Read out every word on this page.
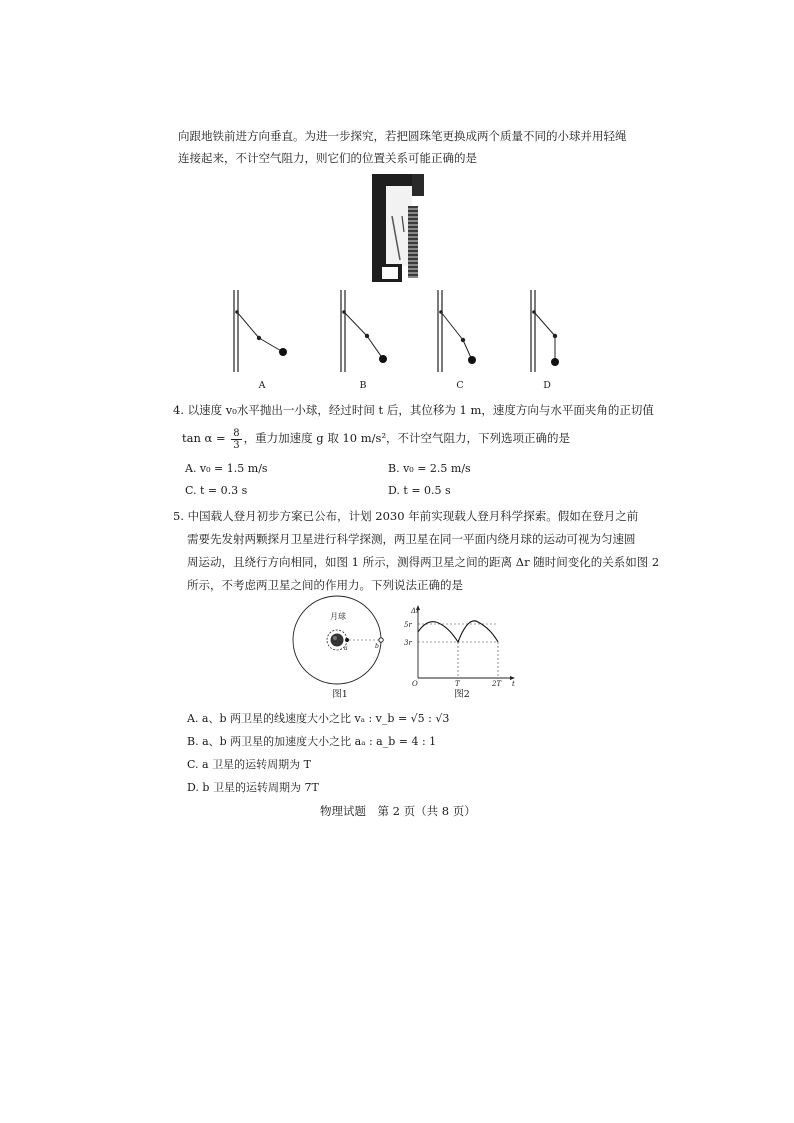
向跟地铁前进方向垂直。为进一步探究，若把圆珠笔更换成两个质量不同的小球并用轻绳
连接起来，不计空气阻力，则它们的位置关系可能正确的是
A	B	C	D
4. 以速度 v₀水平抛出一小球，经过时间 t 后，其位移为 1 m，速度方向与水平面夹角的正切值
$\tan \alpha = \frac{8}{3}$ ，重力加速度 g 取 10 m/s²，不计空气阻力，下列选项正确的是
A. v₀ = 1.5 m/s	B. v₀ = 2.5 m/s
C. t = 0.3 s	D. t = 0.5 s
5. 中国载人登月初步方案已公布，计划 2030 年前实现载人登月科学探索。假如在登月之前
需要先发射两颗探月卫星进行科学探测，两卫星在同一平面内绕月球的运动可视为匀速圆
周运动，且绕行方向相同，如图 1 所示，测得两卫星之间的距离 Δr 随时间变化的关系如图 2
所示，不考虑两卫星之间的作用力。下列说法正确的是
月球
a	b
图1
Δr
5r
3r
O	T	2T t
图2
A. a、b 两卫星的线速度大小之比 vₐ : v_b = √5 : √3
B. a、b 两卫星的加速度大小之比 aₐ : a_b = 4 : 1
C. a 卫星的运转周期为 T
D. b 卫星的运转周期为 7T
物理试题　第 2 页（共 8 页）
